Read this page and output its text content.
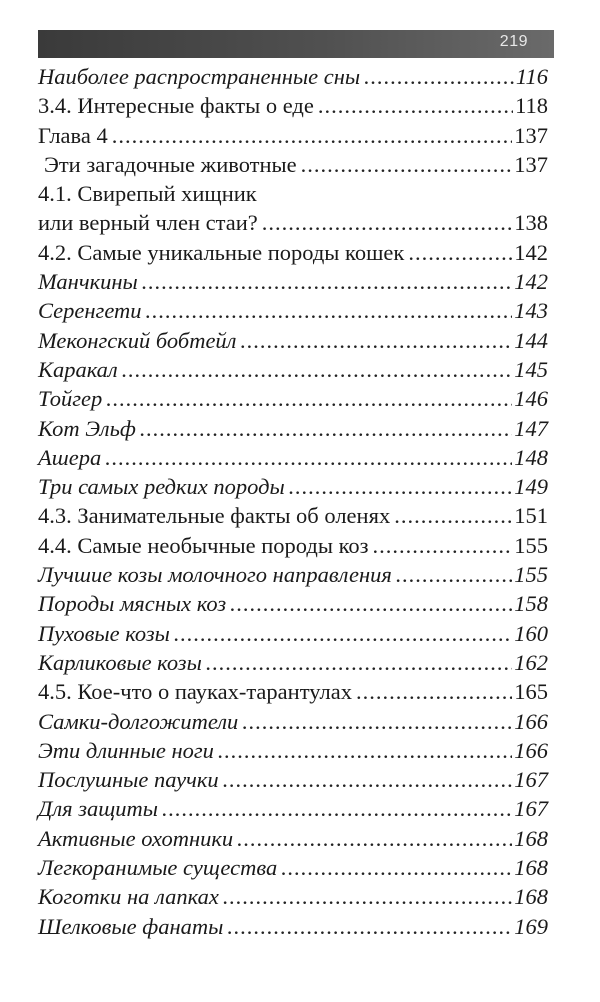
219
Наиболее распространенные сны .....	116
3.4. Интересные факты о еде .....	118
Глава 4 .....	137
Эти загадочные животные .....	137
4.1. Свирепый хищник
или верный член стаи? .....	138
4.2. Самые уникальные породы кошек .....	142
Манчкины .....	142
Серенгети .....	143
Меконгский бобтейл .....	144
Каракал .....	145
Тойгер .....	146
Кот Эльф .....	147
Ашера .....	148
Три самых редких породы .....	149
4.3. Занимательные факты об оленях .....	151
4.4. Самые необычные породы коз .....	155
Лучшие козы молочного направления .....	155
Породы мясных коз .....	158
Пуховые козы .....	160
Карликовые козы .....	162
4.5. Кое-что о пауках-тарантулах .....	165
Самки-долгожители .....	166
Эти длинные ноги .....	166
Послушные паучки .....	167
Для защиты .....	167
Активные охотники .....	168
Легкоранимые существа .....	168
Коготки на лапках .....	168
Шелковые фанаты .....	169
